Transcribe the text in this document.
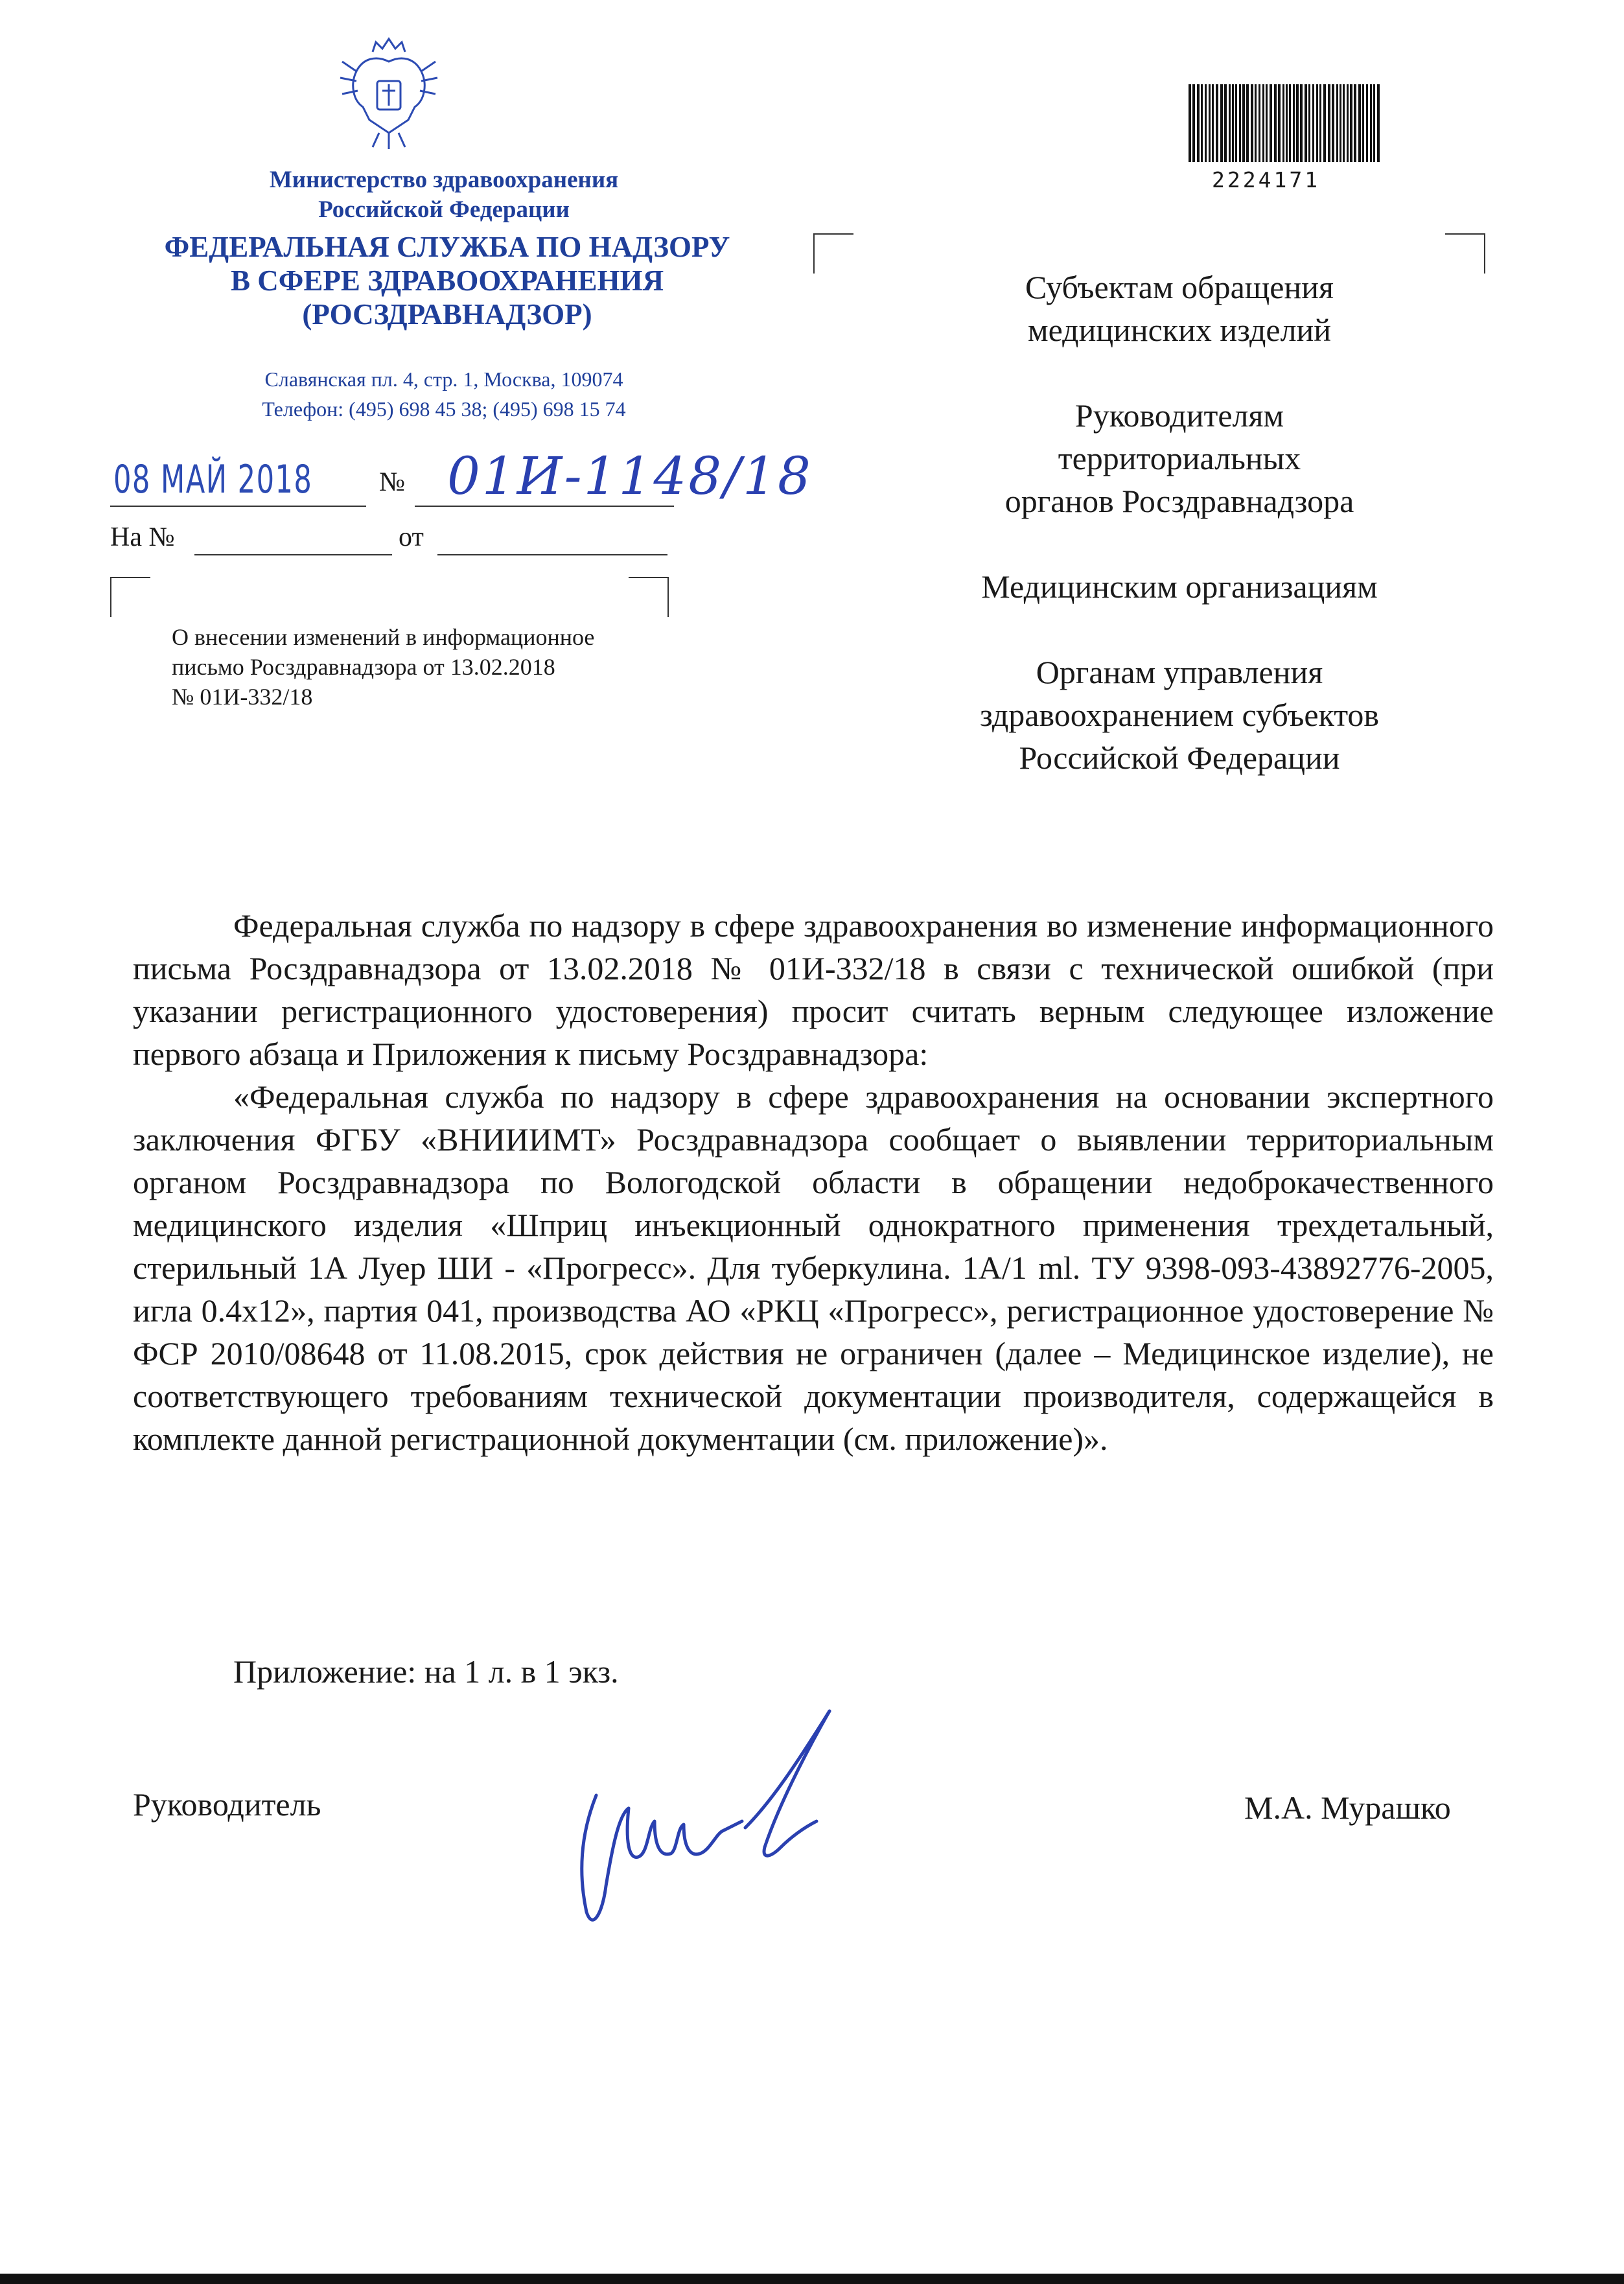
Министерство здравоохранения
Российской Федерации
ФЕДЕРАЛЬНАЯ СЛУЖБА ПО НАДЗОРУ
В СФЕРЕ ЗДРАВООХРАНЕНИЯ
(РОСЗДРАВНАДЗОР)
Славянская пл. 4, стр. 1, Москва, 109074
Телефон: (495) 698 45 38; (495) 698 15 74
08 МАЙ 2018 № 01И-1148/18
На №	от
О внесении изменений в информационное
письмо Росздравнадзора от 13.02.2018
№ 01И-332/18
2224171
Субъектам обращения
медицинских изделий
Руководителям
территориальных
органов Росздравнадзора
Медицинским организациям
Органам управления
здравоохранением субъектов
Российской Федерации

Федеральная служба по надзору в сфере здравоохранения во изменение информационного письма Росздравнадзора от 13.02.2018 № 01И-332/18 в связи с технической ошибкой (при указании регистрационного удостоверения) просит считать верным следующее изложение первого абзаца и Приложения к письму Росздравнадзора:

«Федеральная служба по надзору в сфере здравоохранения на основании экспертного заключения ФГБУ «ВНИИИМТ» Росздравнадзора сообщает о выявлении территориальным органом Росздравнадзора по Вологодской области в обращении недоброкачественного медицинского изделия «Шприц инъекционный однократного применения трехдетальный, стерильный 1А Луер ШИ - «Прогресс». Для туберкулина. 1А/1 ml. ТУ 9398-093-43892776-2005, игла 0.4x12», партия 041, производства АО «РКЦ «Прогресс», регистрационное удостоверение № ФСР 2010/08648 от 11.08.2015, срок действия не ограничен (далее – Медицинское изделие), не соответствующего требованиям технической документации производителя, содержащейся в комплекте данной регистрационной документации (см. приложение)».

Приложение: на 1 л. в 1 экз.
Руководитель	М.А. Мурашко
